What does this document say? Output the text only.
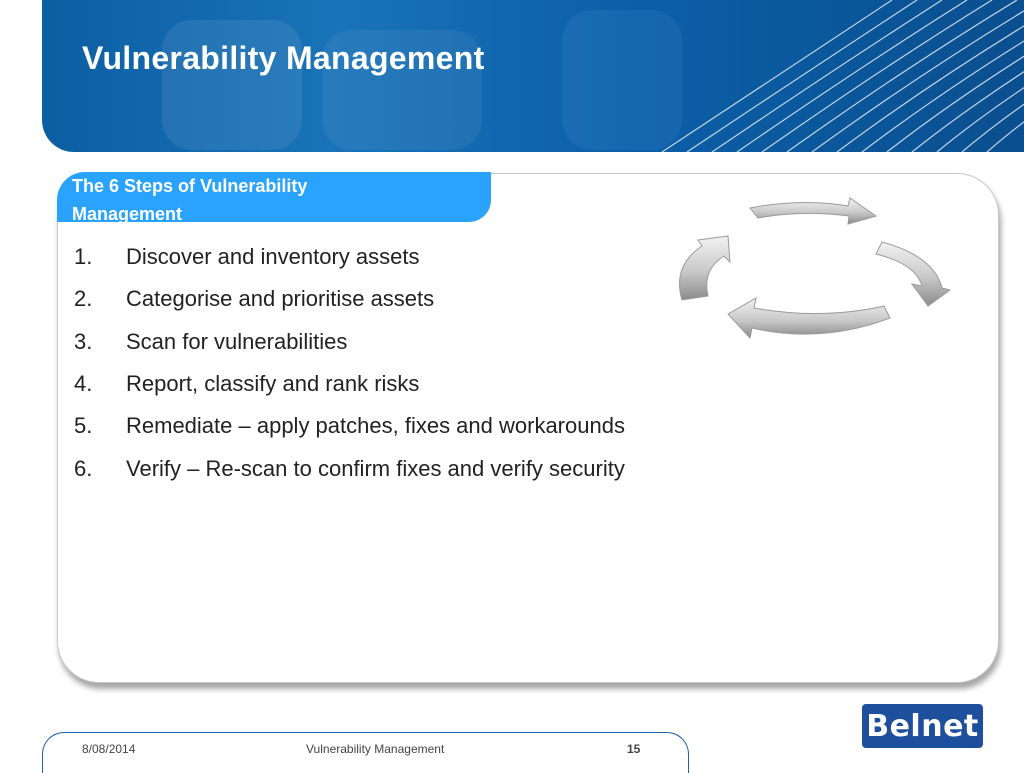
Vulnerability Management
The 6 Steps of Vulnerability Management
1.	Discover and inventory assets
2.	Categorise and prioritise assets
3.	Scan for vulnerabilities
4.	Report, classify and rank risks
5.	Remediate – apply patches, fixes and workarounds
6.	Verify – Re-scan to confirm fixes and verify security
8/08/2014	Vulnerability Management	15
Belnet
